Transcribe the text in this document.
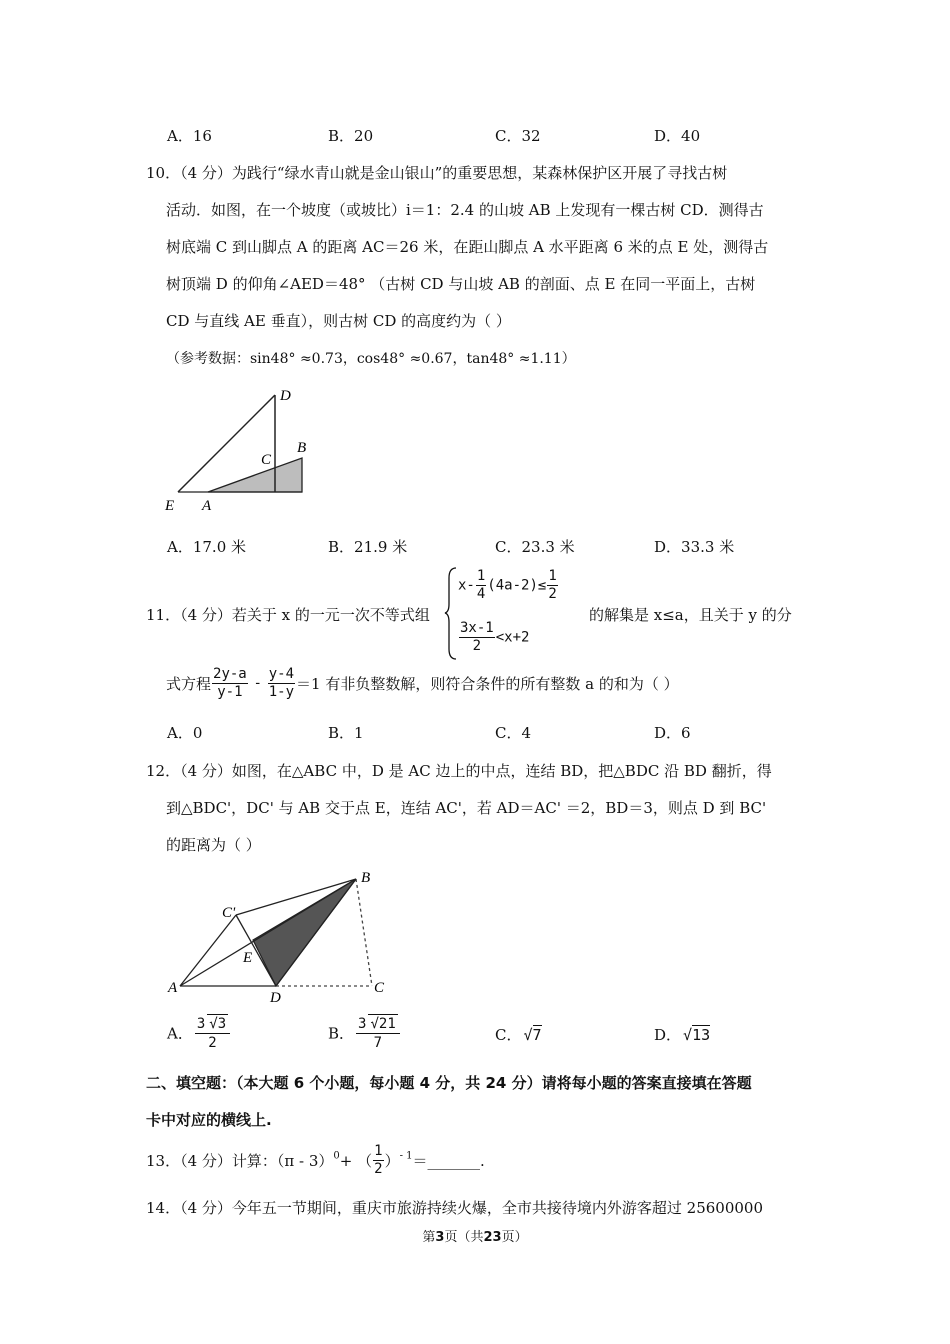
A．16	B．20	C．32	D．40
10．（4 分）为践行“绿水青山就是金山银山”的重要思想，某森林保护区开展了寻找古树
活动．如图，在一个坡度（或坡比）i＝1：2.4 的山坡 AB 上发现有一棵古树 CD．测得古
树底端 C 到山脚点 A 的距离 AC＝26 米，在距山脚点 A 水平距离 6 米的点 E 处，测得古
树顶端 D 的仰角∠AED＝48° （古树 CD 与山坡 AB 的剖面、点 E 在同一平面上，古树
CD 与直线 AE 垂直），则古树 CD 的高度约为（ ）
（参考数据：sin48° ≈0.73，cos48° ≈0.67，tan48° ≈1.11）
D
B
C
E A
A．17.0 米	B．21.9 米	C．23.3 米	D．33.3 米
11．（4 分）若关于 x 的一元一次不等式组
$x- \frac{1}{4} (4a-2)\le \frac{1}{2}$
$\frac{3x-1}{2} <x+2$
的解集是 x≤a，且关于 y 的分
式方程 $\frac{2y-a}{y-1} - \frac{y-4}{1-y} =1$ 有非负整数解，则符合条件的所有整数 a 的和为（ ）
A．0	B．1	C．4	D．6
12．（4 分）如图，在△ABC 中，D 是 AC 边上的中点，连结 BD，把△BDC 沿 BD 翻折，得
到△BDC'，DC' 与 AB 交于点 E，连结 AC'，若 AD＝AC' ＝2，BD＝3，则点 D 到 BC'
的距离为（ ）
B
C'
E
A
D
C
A． $\frac{3 √3}{2}$	B． $\frac{3 √21}{7}$	C． √7	D． √13
二、填空题：（本大题 6 个小题，每小题 4 分，共 24 分）请将每小题的答案直接填在答题
卡中对应的横线上.
13．（4 分）计算：（π - 3）$^0$+ （ $\frac{1}{2}$ ）$^{- 1}$＝_______.
14．（4 分）今年五一节期间，重庆市旅游持续火爆，全市共接待境内外游客超过 25600000
第3页（共23页）
